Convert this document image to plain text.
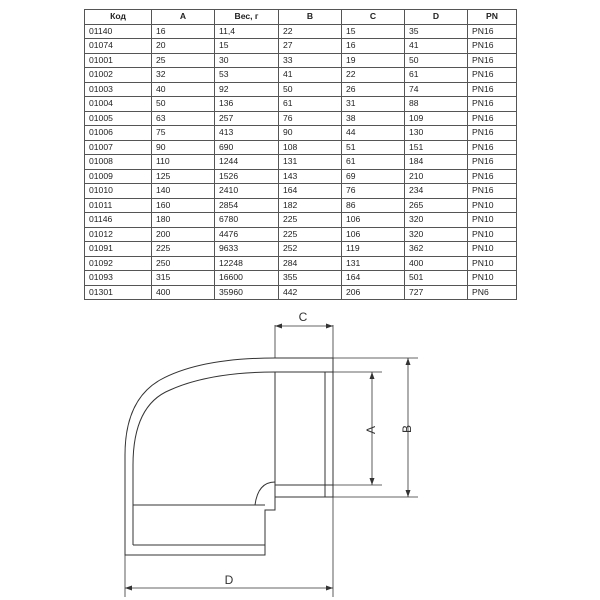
Код	A	Вес, г	B	C	D	PN
01140	16	11,4	22	15	35	PN16
01074	20	15	27	16	41	PN16
01001	25	30	33	19	50	PN16
01002	32	53	41	22	61	PN16
01003	40	92	50	26	74	PN16
01004	50	136	61	31	88	PN16
01005	63	257	76	38	109	PN16
01006	75	413	90	44	130	PN16
01007	90	690	108	51	151	PN16
01008	110	1244	131	61	184	PN16
01009	125	1526	143	69	210	PN16
01010	140	2410	164	76	234	PN16
01011	160	2854	182	86	265	PN10
01146	180	6780	225	106	320	PN10
01012	200	4476	225	106	320	PN10
01091	225	9633	252	119	362	PN10
01092	250	12248	284	131	400	PN10
01093	315	16600	355	164	501	PN10
01301	400	35960	442	206	727	PN6
C
A B
D
